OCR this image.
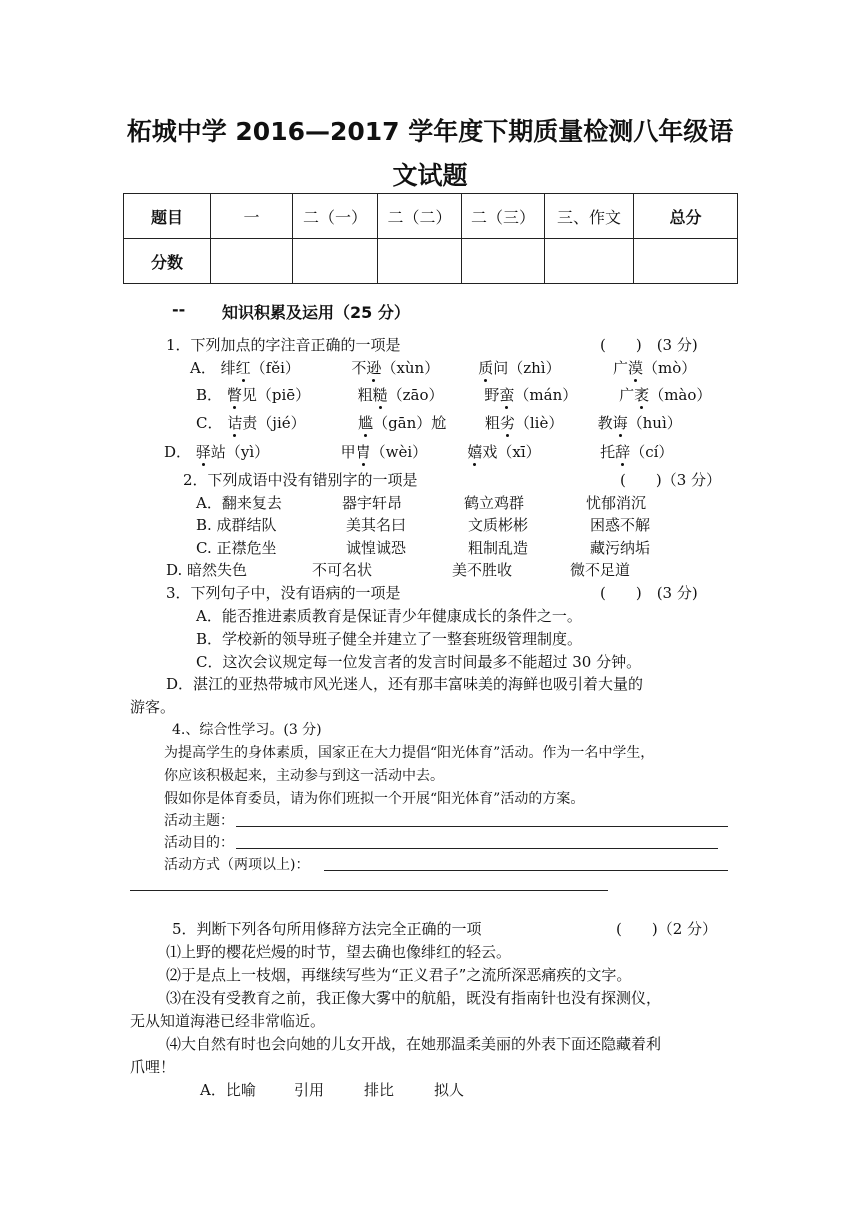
柘城中学 2016—2017 学年度下期质量检测八年级语
文试题
题目	一	二（一）	二（二）	二（三）	三、作文	总分
分数						
-- 知识积累及运用（25 分）
1．下列加点的字注音正确的一项是	(　　)　(3 分)
A． 绯红（fěi）	不逊（xùn）	质问（zhì）	广漠（mò）
B． 瞥见（piē）	粗糙（zāo）	野蛮（mán）	广袤（mào）
C． 诘责（jié）	尴（gān）尬	粗劣（liè） 教诲（huì）
D． 驿站（yì）	甲胄（wèi）	嬉戏（xī）	托辞（cí）
2．下列成语中没有错别字的一项是	(　　)（3 分）
A．翻来复去	器宇轩昂	鹤立鸡群	忧郁消沉
B. 成群结队	美其名曰	文质彬彬	困惑不解
C. 正襟危坐	诚惶诚恐	粗制乱造	藏污纳垢
D. 暗然失色	不可名状	美不胜收	微不足道
3．下列句子中，没有语病的一项是	(　　)　(3 分)
A．能否推进素质教育是保证青少年健康成长的条件之一。
B．学校新的领导班子健全并建立了一整套班级管理制度。
C．这次会议规定每一位发言者的发言时间最多不能超过 30 分钟。
D．湛江的亚热带城市风光迷人，还有那丰富味美的海鲜也吸引着大量的
游客。
4.、综合性学习。(3 分)
为提高学生的身体素质，国家正在大力提倡“阳光体育”活动。作为一名中学生，
你应该积极起来，主动参与到这一活动中去。
假如你是体育委员，请为你们班拟一个开展“阳光体育”活动的方案。
活动主题：
活动目的：
活动方式（两项以上)：
5．判断下列各句所用修辞方法完全正确的一项	(　　)（2 分）
⑴上野的樱花烂熳的时节，望去确也像绯红的轻云。
⑵于是点上一枝烟，再继续写些为“正义君子”之流所深恶痛疾的文字。
⑶在没有受教育之前，我正像大雾中的航船，既没有指南针也没有探测仪，
无从知道海港已经非常临近。
⑷大自然有时也会向她的儿女开战，在她那温柔美丽的外表下面还隐藏着利
爪哩！
A．比喻	引用	排比	拟人
